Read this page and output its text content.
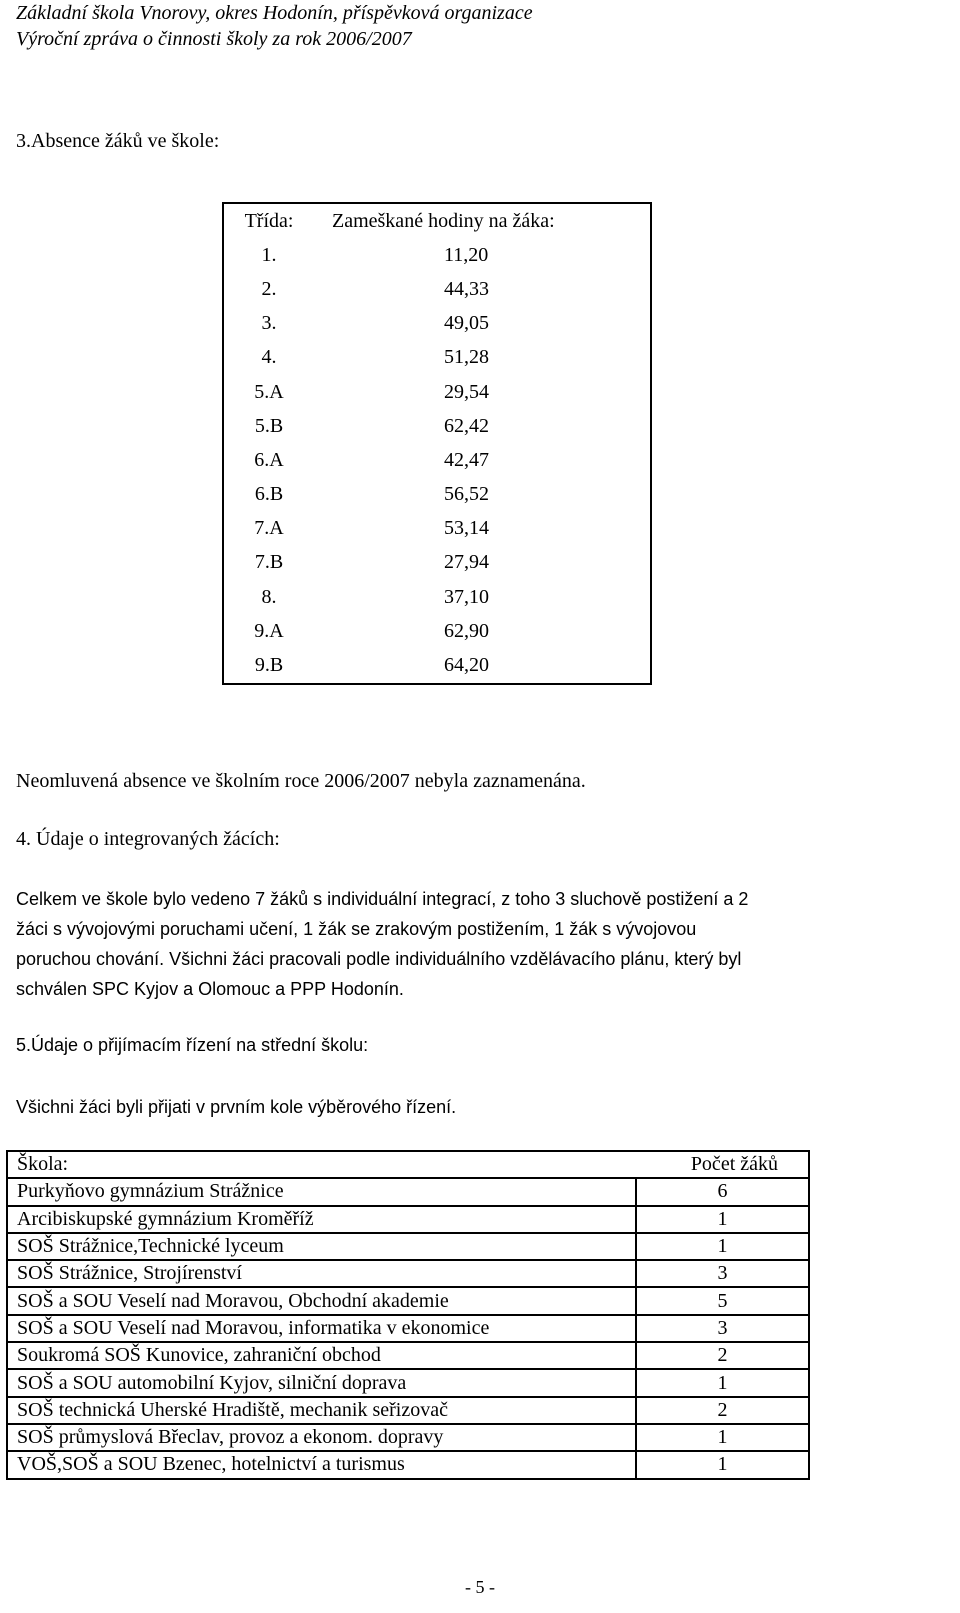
Základní škola Vnorovy, okres Hodonín, příspěvková organizace
Výroční zpráva o činnosti školy za rok 2006/2007
3.Absence žáků ve škole:
Třída:	Zameškané hodiny na žáka:
1.	11,20
2.	44,33
3.	49,05
4.	51,28
5.A	29,54
5.B	62,42
6.A	42,47
6.B	56,52
7.A	53,14
7.B	27,94
8.	37,10
9.A	62,90
9.B	64,20
Neomluvená absence ve školním roce 2006/2007 nebyla zaznamenána.
4. Údaje o integrovaných žácích:
Celkem ve škole bylo vedeno 7 žáků s individuální integrací, z toho 3 sluchově postižení a 2
žáci s vývojovými poruchami učení, 1 žák se zrakovým postižením, 1 žák s vývojovou
poruchou chování. Všichni žáci pracovali podle individuálního vzdělávacího plánu, který byl
schválen SPC Kyjov a Olomouc a PPP Hodonín.
5.Údaje o přijímacím řízení na střední školu:
Všichni žáci byli přijati v prvním kole výběrového řízení.
Škola:	Počet žáků
Purkyňovo gymnázium Strážnice	6
Arcibiskupské gymnázium Kroměříž	1
SOŠ Strážnice,Technické lyceum	1
SOŠ Strážnice, Strojírenství	3
SOŠ a SOU Veselí nad Moravou, Obchodní akademie	5
SOŠ a SOU Veselí nad Moravou, informatika v ekonomice	3
Soukromá SOŠ Kunovice, zahraniční obchod	2
SOŠ a SOU automobilní Kyjov, silniční doprava	1
SOŠ technická Uherské Hradiště, mechanik seřizovač	2
SOŠ průmyslová Břeclav, provoz a ekonom. dopravy	1
VOŠ,SOŠ a SOU Bzenec, hotelnictví a turismus	1
- 5 -
